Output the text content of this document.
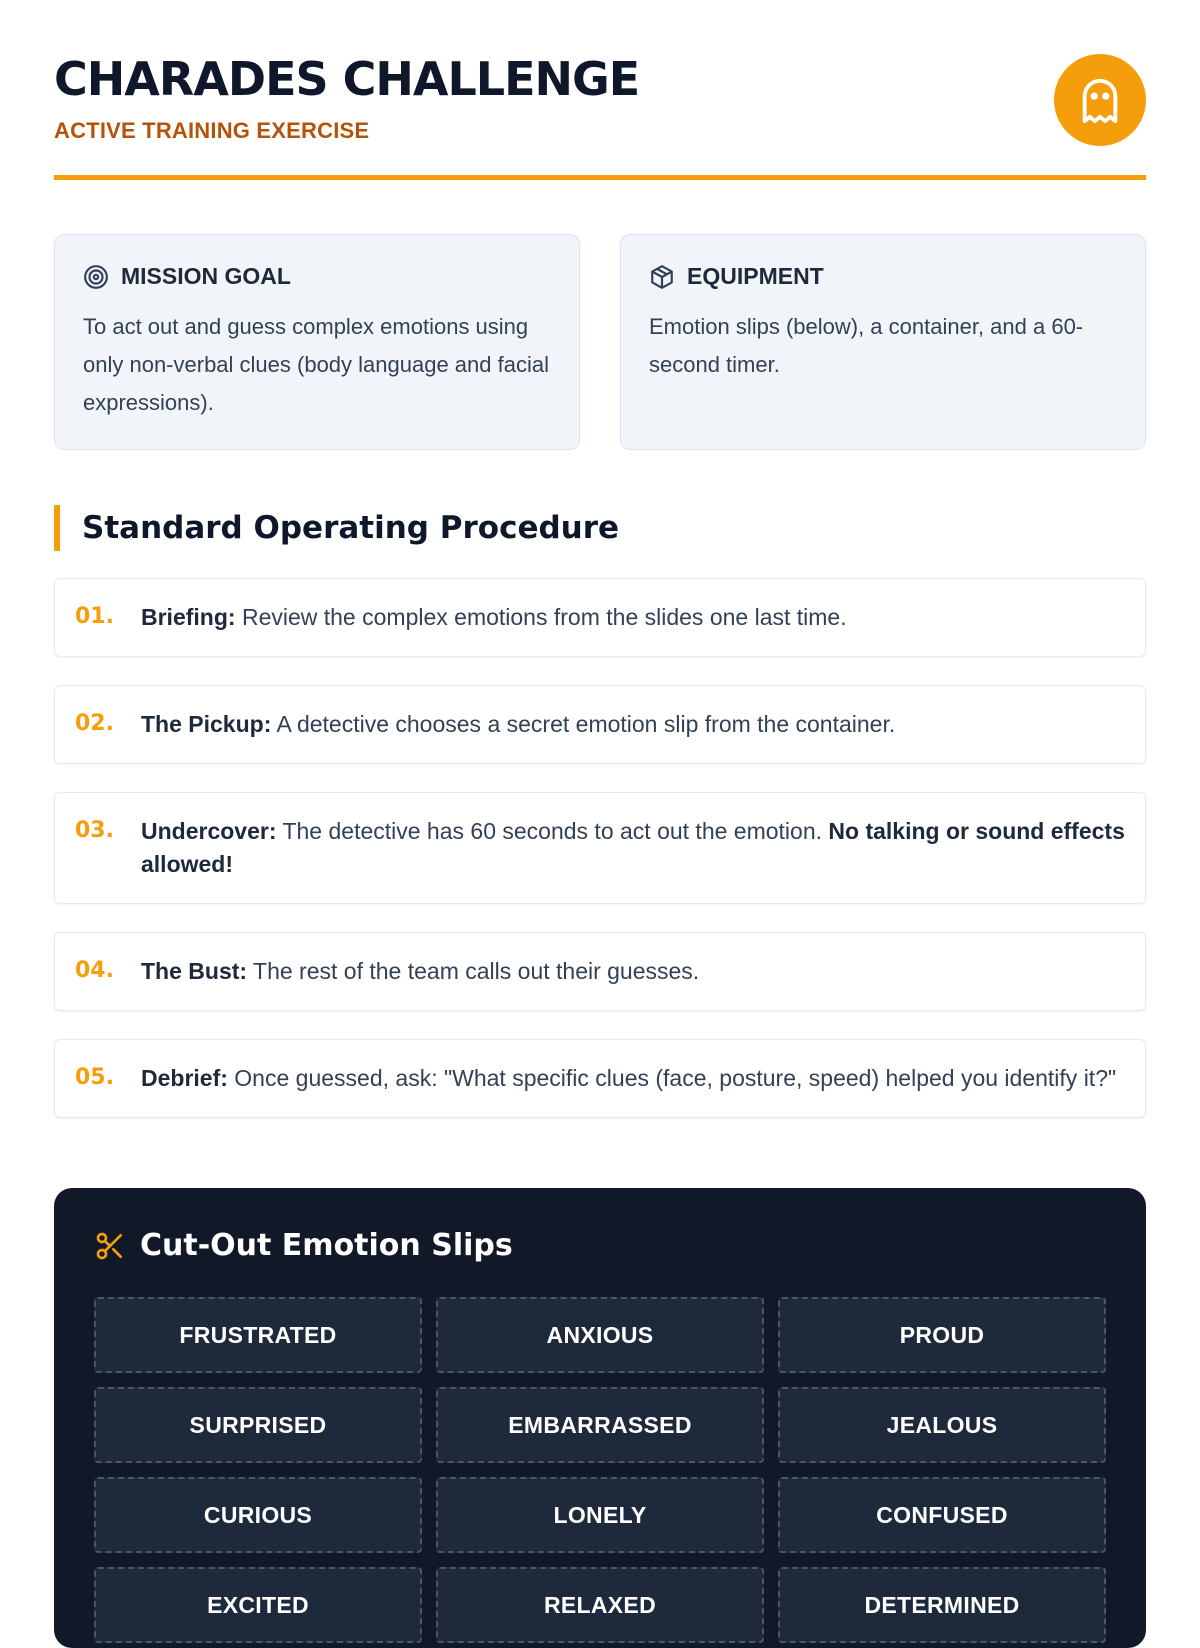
CHARADES CHALLENGE
ACTIVE TRAINING EXERCISE
MISSION GOAL

To act out and guess complex emotions using only non-verbal clues (body language and facial expressions).

EQUIPMENT

Emotion slips (below), a container, and a 60-second timer.

Standard Operating Procedure
01.	Briefing: Review the complex emotions from the slides one last time.

02.	The Pickup: A detective chooses a secret emotion slip from the container.

03.	Undercover: The detective has 60 seconds to act out the emotion. No talking or sound effects allowed!

04.	The Bust: The rest of the team calls out their guesses.

05.	Debrief: Once guessed, ask: "What specific clues (face, posture, speed) helped you identify it?"

Cut-Out Emotion Slips
FRUSTRATED	ANXIOUS	PROUD
SURPRISED	EMBARRASSED	JEALOUS
CURIOUS	LONELY	CONFUSED
EXCITED	RELAXED	DETERMINED
